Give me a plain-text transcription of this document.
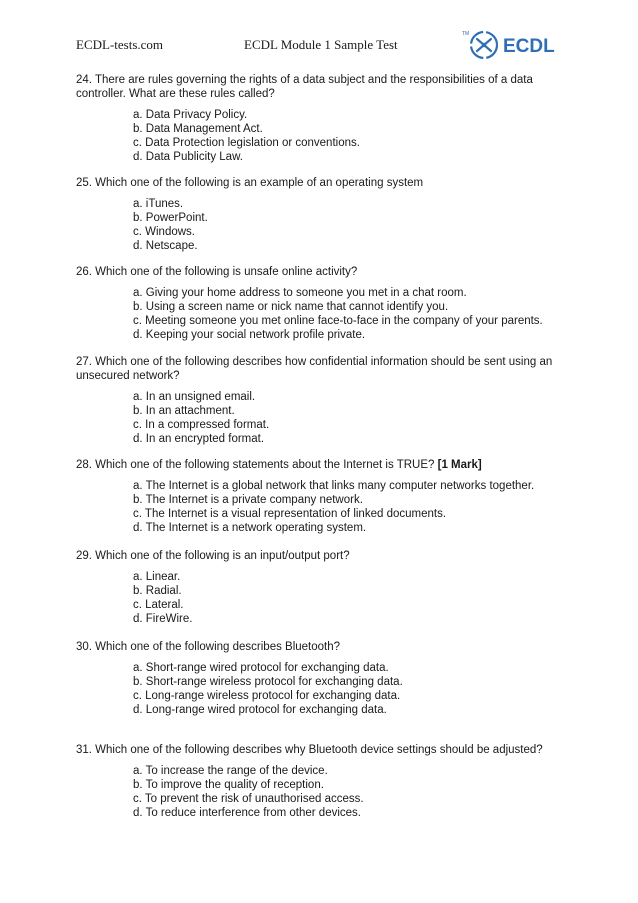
ECDL-tests.com	ECDL Module 1 Sample Test
TM
ECDL

24. There are rules governing the rights of a data subject and the responsibilities of a data controller. What are these rules called?

a. Data Privacy Policy.
b. Data Management Act.
c. Data Protection legislation or conventions.
d. Data Publicity Law.

25. Which one of the following is an example of an operating system

a. iTunes.
b. PowerPoint.
c. Windows.
d. Netscape.

26. Which one of the following is unsafe online activity?

a. Giving your home address to someone you met in a chat room.
b. Using a screen name or nick name that cannot identify you.
c. Meeting someone you met online face-to-face in the company of your parents.
d. Keeping your social network profile private.

27. Which one of the following describes how confidential information should be sent using an unsecured network?

a. In an unsigned email.
b. In an attachment.
c. In a compressed format.
d. In an encrypted format.

28. Which one of the following statements about the Internet is TRUE? [1 Mark]

a. The Internet is a global network that links many computer networks together.
b. The Internet is a private company network.
c. The Internet is a visual representation of linked documents.
d. The Internet is a network operating system.

29. Which one of the following is an input/output port?

a. Linear.
b. Radial.
c. Lateral.
d. FireWire.

30. Which one of the following describes Bluetooth?

a. Short-range wired protocol for exchanging data.
b. Short-range wireless protocol for exchanging data.
c. Long-range wireless protocol for exchanging data.
d. Long-range wired protocol for exchanging data.

31. Which one of the following describes why Bluetooth device settings should be adjusted?

a. To increase the range of the device.
b. To improve the quality of reception.
c. To prevent the risk of unauthorised access.
d. To reduce interference from other devices.
